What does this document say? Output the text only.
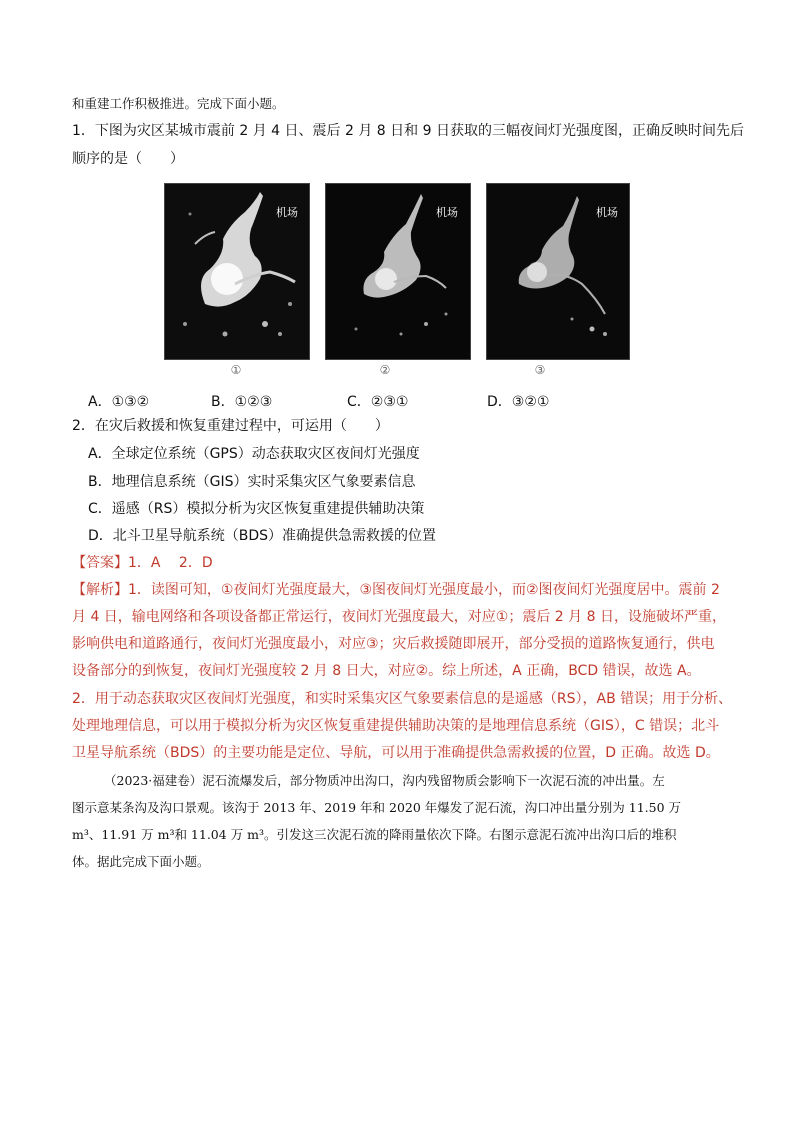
和重建工作积极推进。完成下面小题。
1．下图为灾区某城市震前 2 月 4 日、震后 2 月 8 日和 9 日获取的三幅夜间灯光强度图，正确反映时间先后
顺序的是（　　）
机场
①
机场
②
机场
③
A．①③②	B．①②③	C．②③①	D．③②①
2．在灾后救援和恢复重建过程中，可运用（　　）
A．全球定位系统（GPS）动态获取灾区夜间灯光强度
B．地理信息系统（GIS）实时采集灾区气象要素信息
C．遥感（RS）模拟分析为灾区恢复重建提供辅助决策
D．北斗卫星导航系统（BDS）准确提供急需救援的位置
【答案】1．A　 2．D
【解析】1．读图可知，①夜间灯光强度最大，③图夜间灯光强度最小，而②图夜间灯光强度居中。震前 2
月 4 日，输电网络和各项设备都正常运行，夜间灯光强度最大，对应①；震后 2 月 8 日，设施破坏严重，
影响供电和道路通行，夜间灯光强度最小，对应③；灾后救援随即展开，部分受损的道路恢复通行，供电
设备部分的到恢复，夜间灯光强度较 2 月 8 日大，对应②。综上所述，A 正确，BCD 错误，故选 A。
2．用于动态获取灾区夜间灯光强度，和实时采集灾区气象要素信息的是遥感（RS），AB 错误；用于分析、
处理地理信息，可以用于模拟分析为灾区恢复重建提供辅助决策的是地理信息系统（GIS），C 错误；北斗
卫星导航系统（BDS）的主要功能是定位、导航，可以用于准确提供急需救援的位置，D 正确。故选 D。
（2023·福建卷）泥石流爆发后，部分物质冲出沟口，沟内残留物质会影响下一次泥石流的冲出量。左
图示意某条沟及沟口景观。该沟于 2013 年、2019 年和 2020 年爆发了泥石流，沟口冲出量分别为 11.50 万
m³、11.91 万 m³和 11.04 万 m³。引发这三次泥石流的降雨量依次下降。右图示意泥石流冲出沟口后的堆积
体。据此完成下面小题。
